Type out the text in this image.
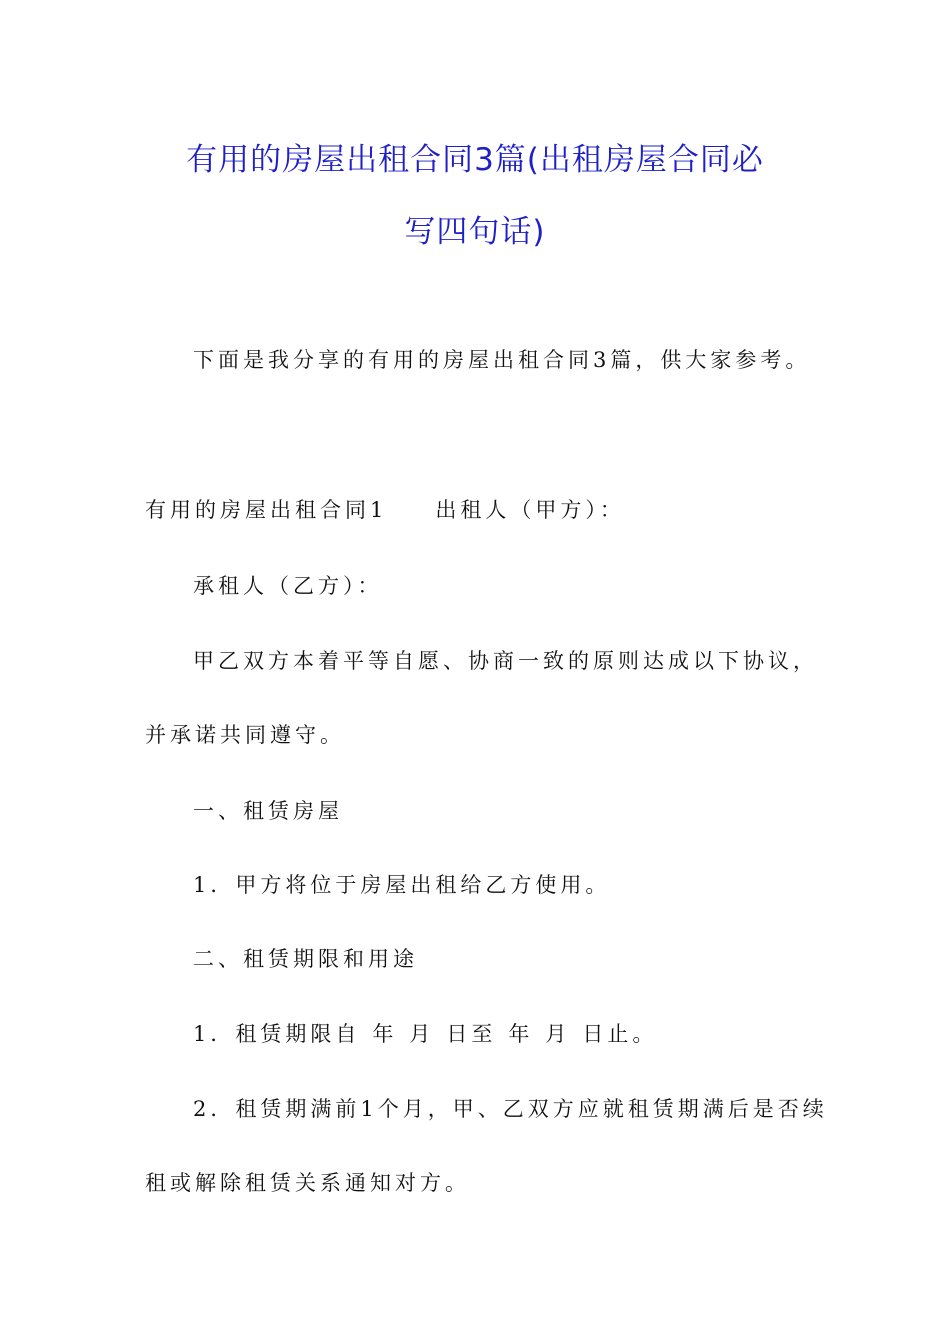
有用的房屋出租合同3篇(出租房屋合同必
写四句话)
下面是我分享的有用的房屋出租合同3篇，供大家参考。
有用的房屋出租合同1 出租人（甲方）：
承租人（乙方）：
甲乙双方本着平等自愿、协商一致的原则达成以下协议，
并承诺共同遵守。
一、租赁房屋
1．甲方将位于房屋出租给乙方使用。
二、租赁期限和用途
1．租赁期限自 年 月 日至 年 月 日止。
2．租赁期满前1个月，甲、乙双方应就租赁期满后是否续
租或解除租赁关系通知对方。
